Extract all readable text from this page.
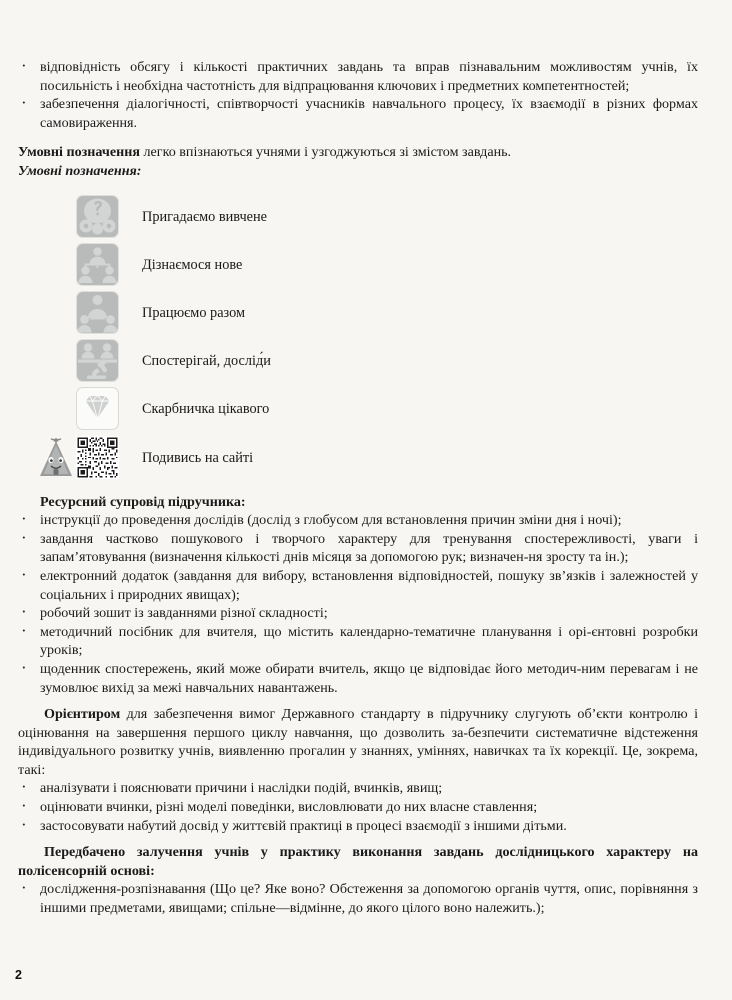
· відповідність обсягу і кількості практичних завдань та вправ пізнавальним можливостям учнів, їх посильність і необхідна частотність для відпрацювання ключових і предметних компетентностей;
· забезпечення діалогічності, співтворчості учасників навчального процесу, їх взаємодії в різних формах самовираження.

Умовні позначення легко впізнаються учнями і узгоджуються зі змістом завдань.

Умовні позначення:

Пригадаємо вивчене
Дізнаємося нове
Працюємо разом
Спостерігай, дослід́и
Скарбничка цікавого
Подивись на сайті

Ресурсний супровід підручника:

· інструкції до проведення дослідів (дослід з глобусом для встановлення причин зміни дня і ночі);
· завдання частково пошукового і творчого характеру для тренування спостережливості, уваги і запам’ятовування (визначення кількості днів місяця за допомогою рук; визначен-ня зросту та ін.);
· електронний додаток (завдання для вибору, встановлення відповідностей, пошуку зв’язків і залежностей у соціальних і природних явищах);
· робочий зошит із завданнями різної складності;
· методичний посібник для вчителя, що містить календарно-тематичне планування і орі-єнтовні розробки уроків;
· щоденник спостережень, який може обирати вчитель, якщо це відповідає його методич-ним перевагам і не зумовлює вихід за межі навчальних навантажень.

Орієнтиром для забезпечення вимог Державного стандарту в підручнику слугують об’єкти контролю і оцінювання на завершення першого циклу навчання, що дозволить за-безпечити систематичне відстеження індивідуального розвитку учнів, виявленню прогалин у знаннях, уміннях, навичках та їх корекції. Це, зокрема, такі:

· аналізувати і пояснювати причини і наслідки подій, вчинків, явищ;
· оцінювати вчинки, різні моделі поведінки, висловлювати до них власне ставлення;
· застосовувати набутий досвід у життєвій практиці в процесі взаємодії з іншими дітьми.

Передбачено залучення учнів у практику виконання завдань дослідницького характеру на полісенсорній основі:

· дослідження-розпізнавання (Що це? Яке воно? Обстеження за допомогою органів чуття, опис, порівняння з іншими предметами, явищами; спільне—відмінне, до якого цілого воно належить.);
2
